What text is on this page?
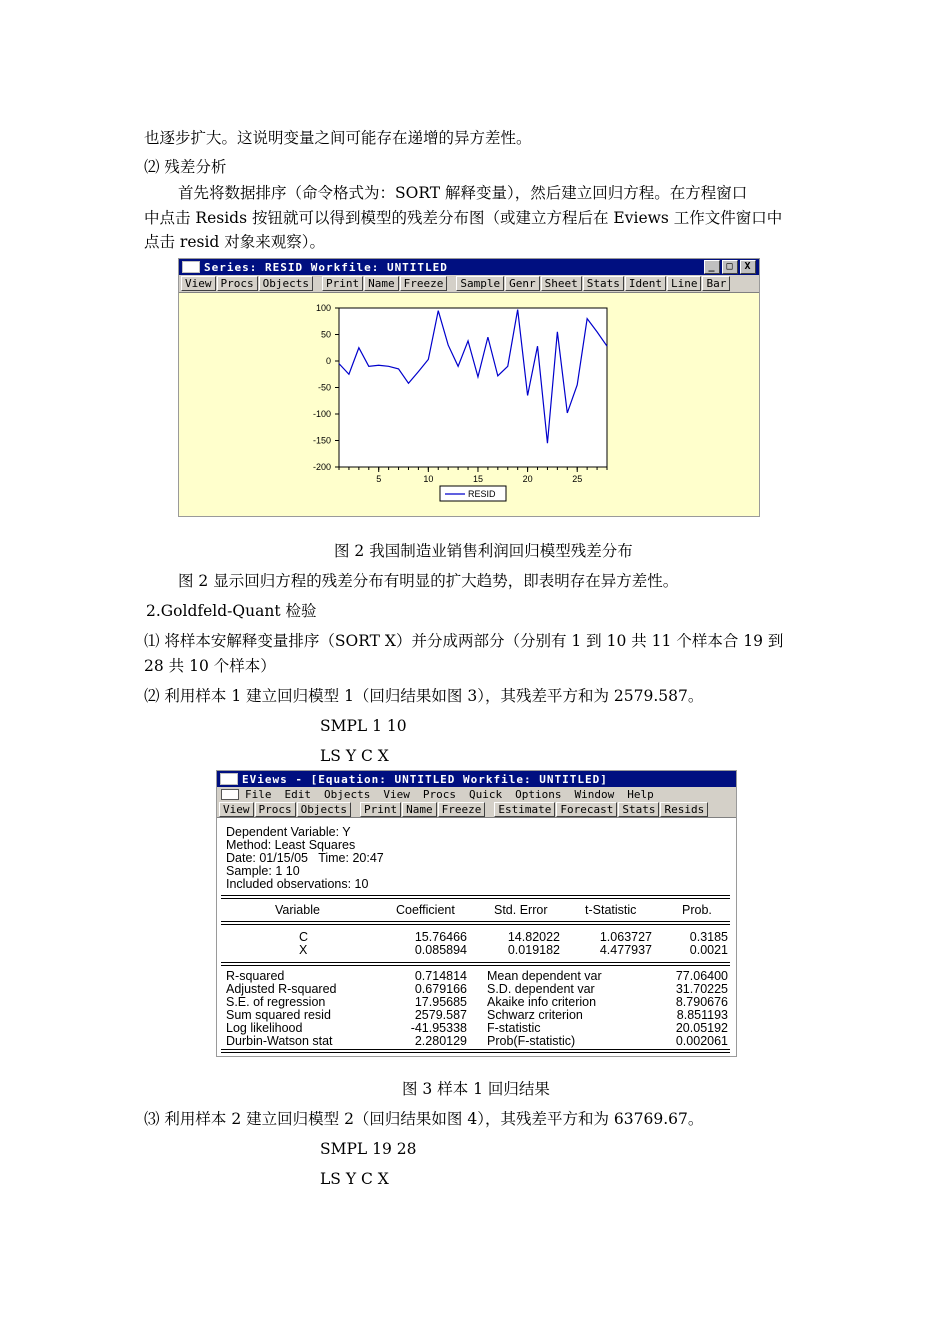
也逐步扩大。这说明变量之间可能存在递增的异方差性。
⑵ 残差分析
首先将数据排序（命令格式为：SORT 解释变量），然后建立回归方程。在方程窗口
中点击 Resids 按钮就可以得到模型的残差分布图（或建立方程后在 Eviews 工作文件窗口中
点击 resid 对象来观察）。
Series: RESID Workfile: UNTITLED	_	□	X
View Procs Objects	Print Name Freeze	Sample Genr Sheet Stats Ident Line Bar
100
50
0
-50
-100
-150
-200
5	10	15	20	25
RESID
图 2 我国制造业销售利润回归模型残差分布
图 2 显示回归方程的残差分布有明显的扩大趋势，即表明存在异方差性。
2.Goldfeld-Quant 检验
⑴ 将样本安解释变量排序（SORT X）并分成两部分（分别有 1 到 10 共 11 个样本合 19 到
28 共 10 个样本）
⑵ 利用样本 1 建立回归模型 1（回归结果如图 3），其残差平方和为 2579.587。
SMPL 1 10
LS Y C X
EViews - [Equation: UNTITLED Workfile: UNTITLED]
File Edit Objects View Procs Quick Options Window Help
View Procs Objects	Print Name Freeze	Estimate Forecast Stats Resids
Dependent Variable: Y
Method: Least Squares
Date: 01/15/05   Time: 20:47
Sample: 1 10
Included observations: 10
Variable	Coefficient	Std. Error	t-Statistic	Prob.
C	15.76466	14.82022	1.063727	0.3185
X	0.085894	0.019182	4.477937	0.0021
R-squared	0.714814 Mean dependent var	77.06400
Adjusted R-squared	0.679166 S.D. dependent var	31.70225
S.E. of regression	17.95685 Akaike info criterion	8.790676
Sum squared resid	2579.587 Schwarz criterion	8.851193
Log likelihood	-41.95338 F-statistic	20.05192
Durbin-Watson stat	2.280129 Prob(F-statistic)	0.002061
图 3 样本 1 回归结果
⑶ 利用样本 2 建立回归模型 2（回归结果如图 4），其残差平方和为 63769.67。
SMPL 19 28
LS Y C X
